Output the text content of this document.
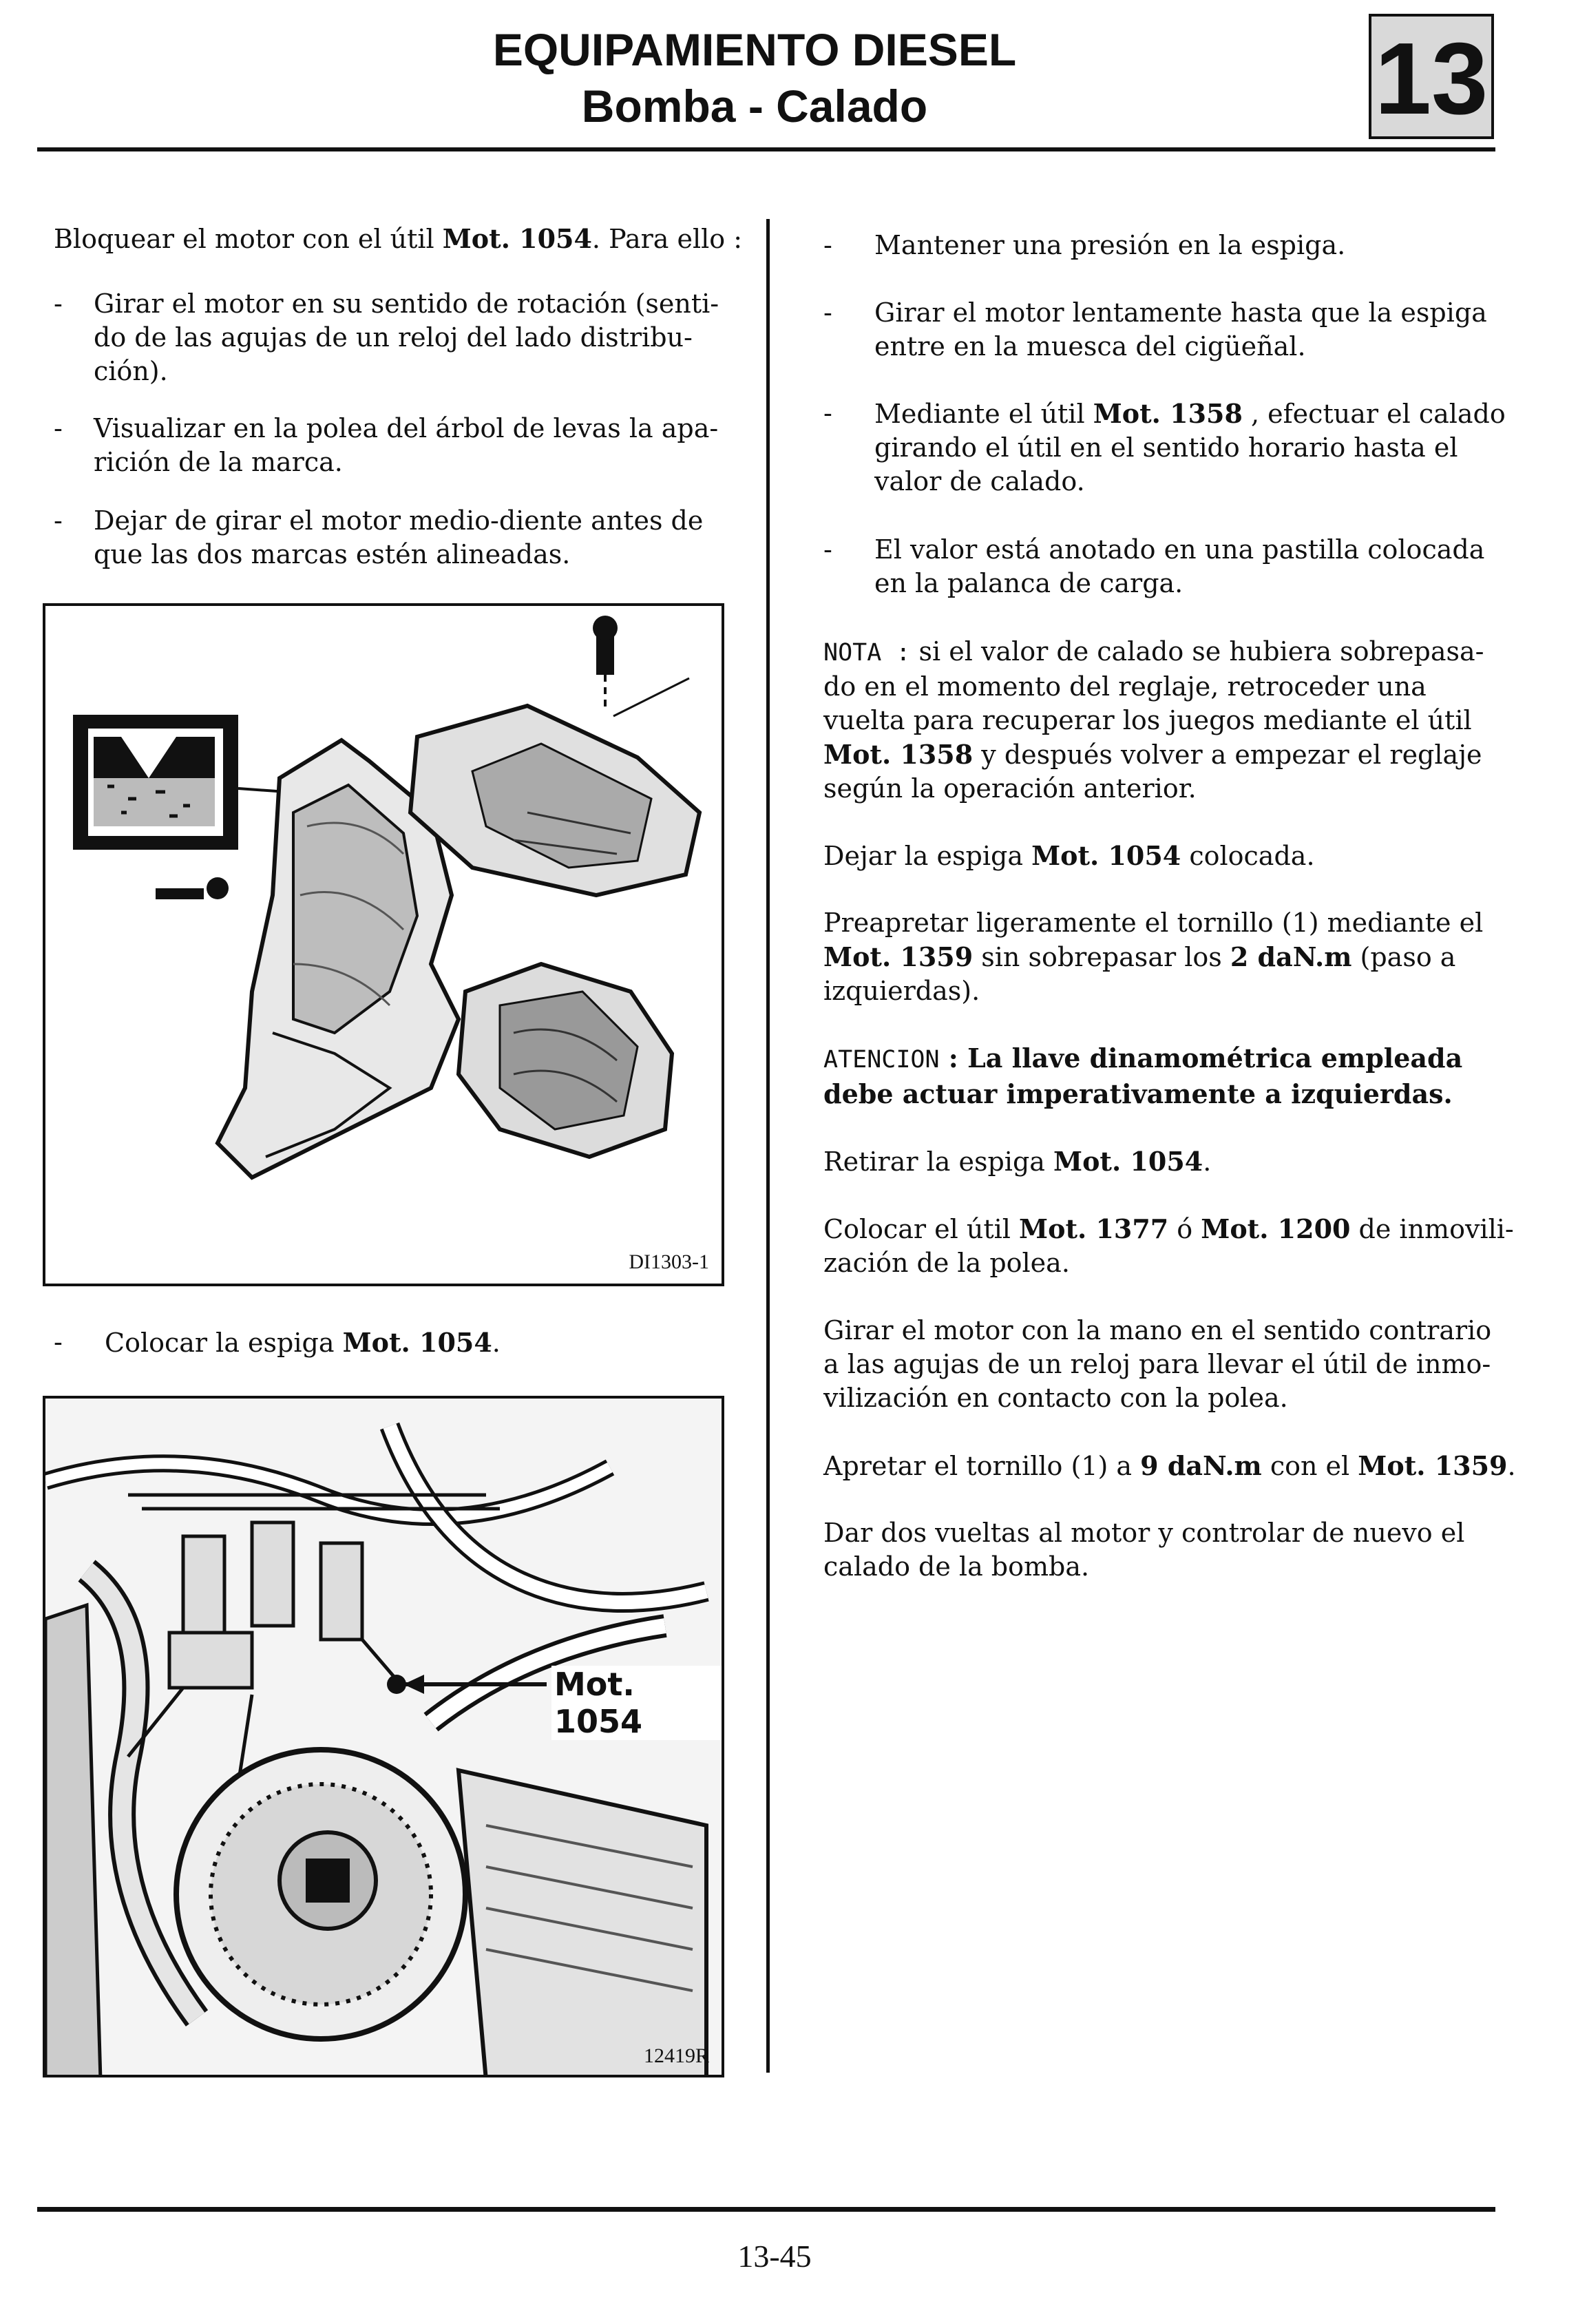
EQUIPAMIENTO DIESEL
Bomba - Calado	13

Bloquear el motor con el útil Mot. 1054. Para ello :

- Girar el motor en su sentido de rotación (senti-
do de las agujas de un reloj del lado distribu-
ción).

- Visualizar en la polea del árbol de levas la apa-
rición de la marca.

- Dejar de girar el motor medio-diente antes de
que las dos marcas estén alineadas.

DI1303-1
- Colocar la espiga Mot. 1054.

Mot. 1054
12419R
- Mantener una presión en la espiga.

- Girar el motor lentamente hasta que la espiga
entre en la muesca del cigüeñal.

- Mediante el útil Mot. 1358 , efectuar el calado
girando el útil en el sentido horario hasta el
valor de calado.

- El valor está anotado en una pastilla colocada
en la palanca de carga.

NOTA : si el valor de calado se hubiera sobrepasa-
do en el momento del reglaje, retroceder una
vuelta para recuperar los juegos mediante el útil
Mot. 1358 y después volver a empezar el reglaje
según la operación anterior.

Dejar la espiga Mot. 1054 colocada.

Preapretar ligeramente el tornillo (1) mediante el
Mot. 1359 sin sobrepasar los 2 daN.m (paso a
izquierdas).

ATENCION : La llave dinamométrica empleada
debe actuar imperativamente a izquierdas.

Retirar la espiga Mot. 1054.

Colocar el útil Mot. 1377 ó Mot. 1200 de inmovili-
zación de la polea.

Girar el motor con la mano en el sentido contrario
a las agujas de un reloj para llevar el útil de inmo-
vilización en contacto con la polea.

Apretar el tornillo (1) a 9 daN.m con el Mot. 1359.

Dar dos vueltas al motor y controlar de nuevo el
calado de la bomba.

13-45
